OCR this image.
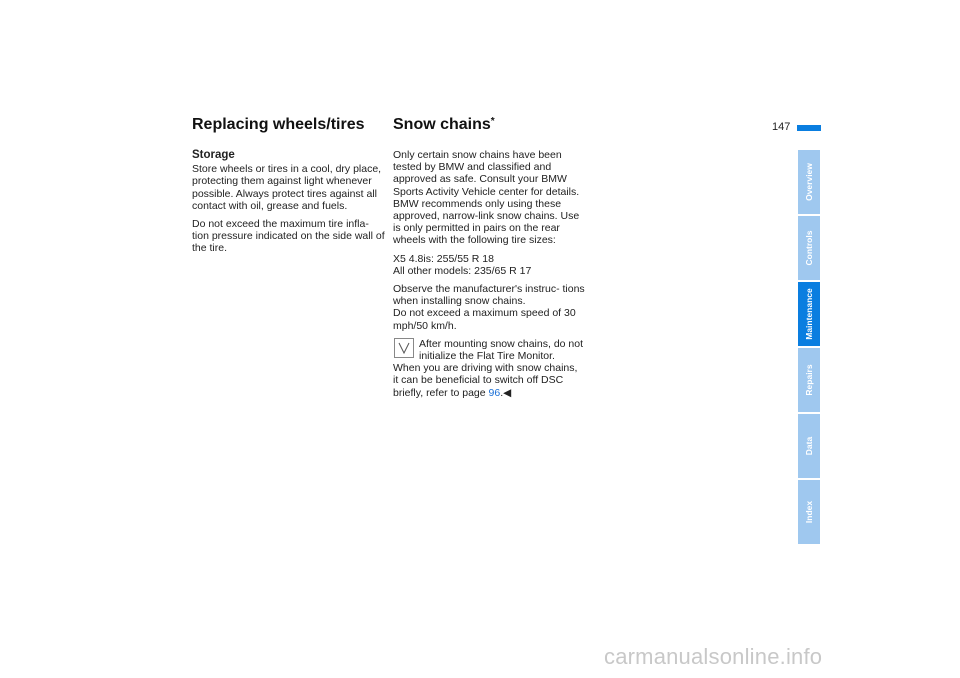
147
Replacing wheels/tires Snow chains*
Storage

Store wheels or tires in a cool, dry place, protecting them against light whenever possible. Always protect tires against all contact with oil, grease and fuels.

Do not exceed the maximum tire infla- tion pressure indicated on the side wall of the tire.

Only certain snow chains have been tested by BMW and classified and approved as safe. Consult your BMW Sports Activity Vehicle center for details. BMW recommends only using these approved, narrow-link snow chains. Use is only permitted in pairs on the rear wheels with the following tire sizes:

X5 4.8is: 255/55 R 18

All other models: 235/65 R 17

Observe the manufacturer's instruc- tions when installing snow chains.

Do not exceed a maximum speed of 30 mph/50 km/h.

After mounting snow chains, do not initialize the Flat Tire Monitor.
When you are driving with snow chains, it can be beneficial to switch off DSC briefly, refer to page 96.◀

Overview
Controls
Maintenance
Repairs
Data
Index
carmanualsonline.info
